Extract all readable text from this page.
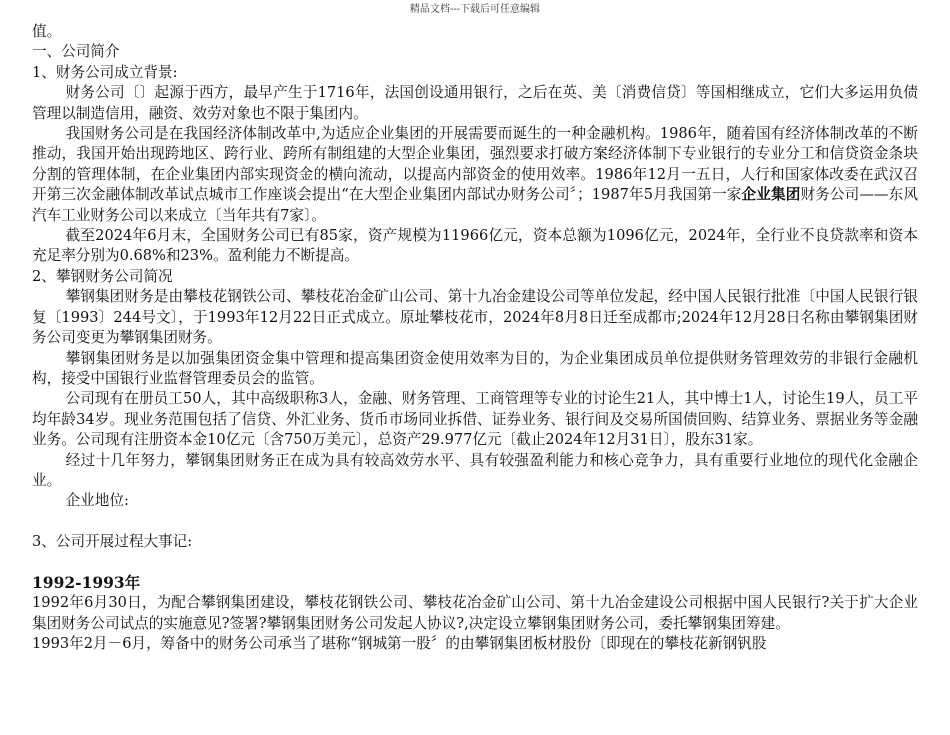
精品文档---下载后可任意编辑

值。

一、公司简介

1、财务公司成立背景:

财务公司〔〕起源于西方，最早产生于1716年，法国创设通用银行，之后在英、美〔消费信贷〕等国相继成立，它们大多运用负债管理以制造信用，融资、效劳对象也不限于集团内。

我国财务公司是在我国经济体制改革中,为适应企业集团的开展需要而诞生的一种金融机构。1986年，随着国有经济体制改革的不断推动，我国开始出现跨地区、跨行业、跨所有制组建的大型企业集团，强烈要求打破方案经济体制下专业银行的专业分工和信贷资金条块分割的管理体制，在企业集团内部实现资金的横向流动，以提高内部资金的使用效率。1986年12月一五日，人行和国家体改委在武汉召开第三次金融体制改革试点城市工作座谈会提出“在大型企业集团内部试办财务公司〞；1987年5月我国第一家企业集团财务公司——东风汽车工业财务公司以来成立〔当年共有7家〕。

截至2024年6月末，全国财务公司已有85家，资产规模为11966亿元，资本总额为1096亿元，2024年，全行业不良贷款率和资本充足率分别为0.68%和23%。盈利能力不断提高。

2、攀钢财务公司简况

攀钢集团财务是由攀枝花钢铁公司、攀枝花冶金矿山公司、第十九冶金建设公司等单位发起，经中国人民银行批准〔中国人民银行银复〔1993〕244号文〕，于1993年12月22日正式成立。原址攀枝花市，2024年8月8日迁至成都市;2024年12月28日名称由攀钢集团财务公司变更为攀钢集团财务。

攀钢集团财务是以加强集团资金集中管理和提高集团资金使用效率为目的，为企业集团成员单位提供财务管理效劳的非银行金融机构，接受中国银行业监督管理委员会的监管。

公司现有在册员工50人，其中高级职称3人，金融、财务管理、工商管理等专业的讨论生21人，其中博士1人，讨论生19人，员工平均年龄34岁。现业务范围包括了信贷、外汇业务、货币市场同业拆借、证券业务、银行间及交易所国债回购、结算业务、票据业务等金融业务。公司现有注册资本金10亿元〔含750万美元〕，总资产29.977亿元〔截止2024年12月31日〕，股东31家。

经过十几年努力，攀钢集团财务正在成为具有较高效劳水平、具有较强盈利能力和核心竞争力，具有重要行业地位的现代化金融企业。

企业地位:

3、公司开展过程大事记:

1992-1993年

1992年6月30日，为配合攀钢集团建设，攀枝花钢铁公司、攀枝花冶金矿山公司、第十九冶金建设公司根据中国人民银行?关于扩大企业集团财务公司试点的实施意见?签署?攀钢集团财务公司发起人协议?,决定设立攀钢集团财务公司，委托攀钢集团筹建。

1993年2月－6月，筹备中的财务公司承当了堪称“钢城第一股〞的由攀钢集团板材股份〔即现在的攀枝花新钢钒股
